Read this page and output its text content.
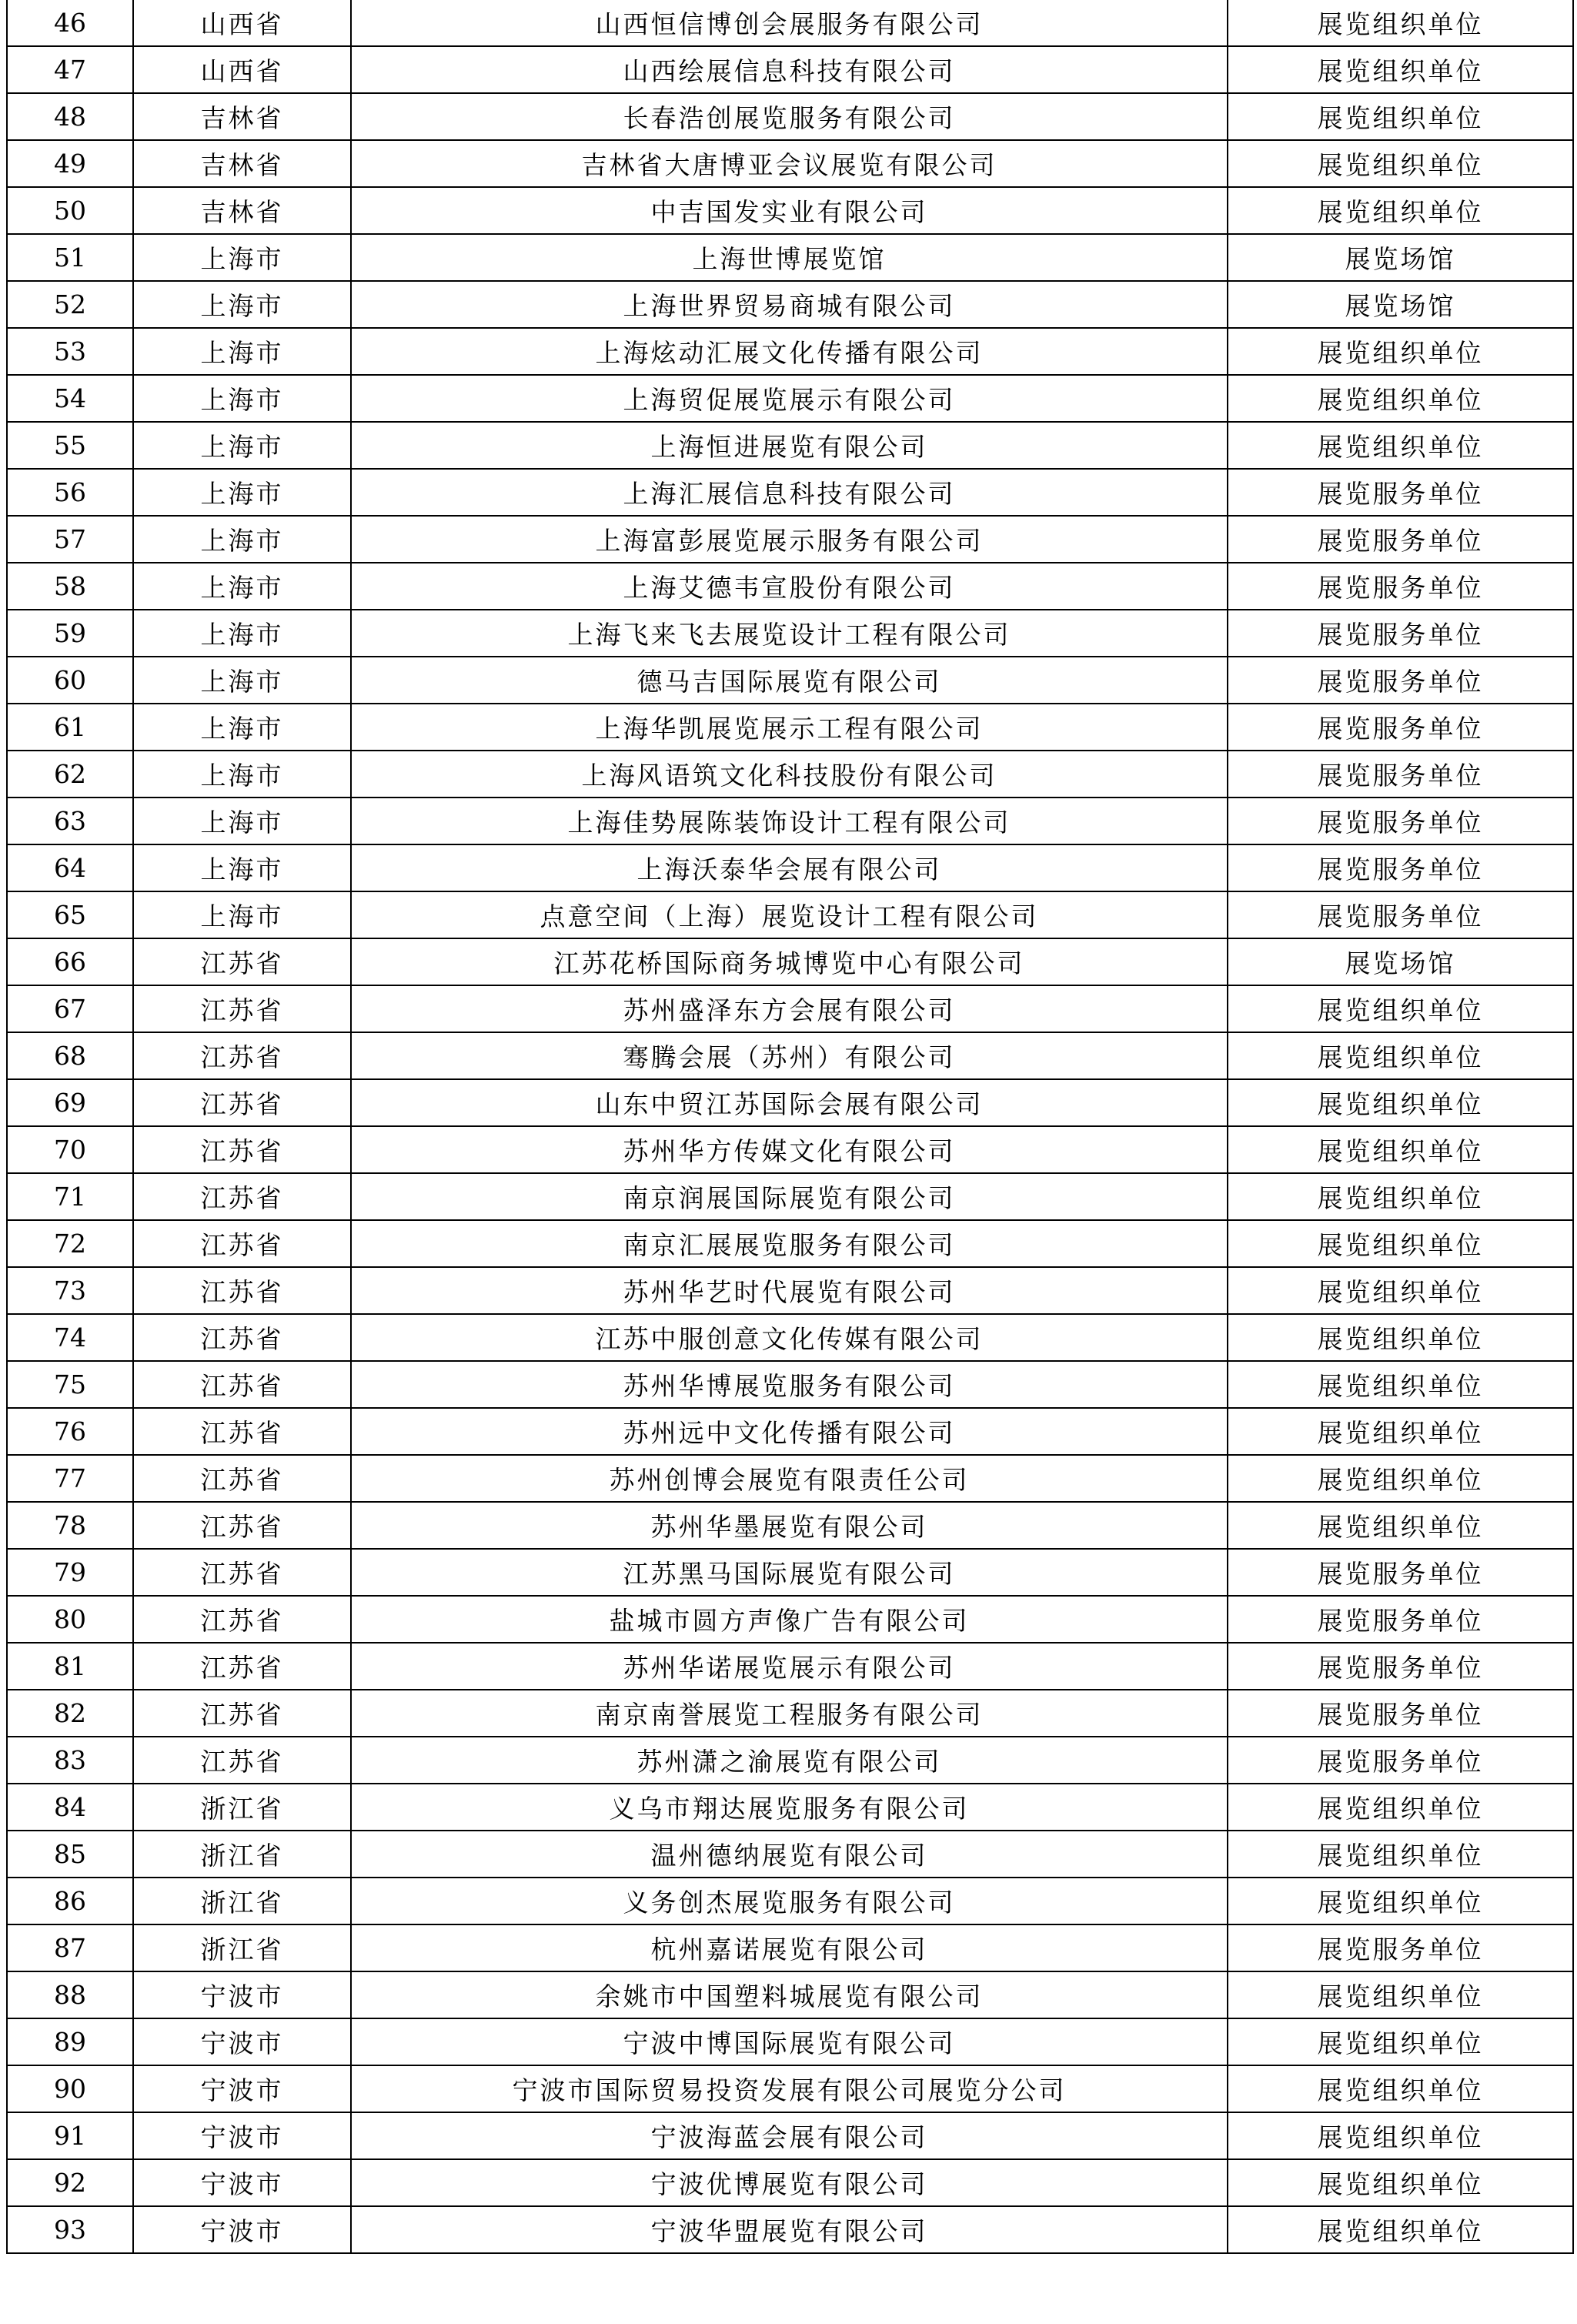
46	山西省	山西恒信博创会展服务有限公司	展览组织单位
47	山西省	山西绘展信息科技有限公司	展览组织单位
48	吉林省	长春浩创展览服务有限公司	展览组织单位
49	吉林省	吉林省大唐博亚会议展览有限公司	展览组织单位
50	吉林省	中吉国发实业有限公司	展览组织单位
51	上海市	上海世博展览馆	展览场馆
52	上海市	上海世界贸易商城有限公司	展览场馆
53	上海市	上海炫动汇展文化传播有限公司	展览组织单位
54	上海市	上海贸促展览展示有限公司	展览组织单位
55	上海市	上海恒进展览有限公司	展览组织单位
56	上海市	上海汇展信息科技有限公司	展览服务单位
57	上海市	上海富彭展览展示服务有限公司	展览服务单位
58	上海市	上海艾德韦宣股份有限公司	展览服务单位
59	上海市	上海飞来飞去展览设计工程有限公司	展览服务单位
60	上海市	德马吉国际展览有限公司	展览服务单位
61	上海市	上海华凯展览展示工程有限公司	展览服务单位
62	上海市	上海风语筑文化科技股份有限公司	展览服务单位
63	上海市	上海佳势展陈装饰设计工程有限公司	展览服务单位
64	上海市	上海沃泰华会展有限公司	展览服务单位
65	上海市	点意空间（上海）展览设计工程有限公司	展览服务单位
66	江苏省	江苏花桥国际商务城博览中心有限公司	展览场馆
67	江苏省	苏州盛泽东方会展有限公司	展览组织单位
68	江苏省	骞腾会展（苏州）有限公司	展览组织单位
69	江苏省	山东中贸江苏国际会展有限公司	展览组织单位
70	江苏省	苏州华方传媒文化有限公司	展览组织单位
71	江苏省	南京润展国际展览有限公司	展览组织单位
72	江苏省	南京汇展展览服务有限公司	展览组织单位
73	江苏省	苏州华艺时代展览有限公司	展览组织单位
74	江苏省	江苏中服创意文化传媒有限公司	展览组织单位
75	江苏省	苏州华博展览服务有限公司	展览组织单位
76	江苏省	苏州远中文化传播有限公司	展览组织单位
77	江苏省	苏州创博会展览有限责任公司	展览组织单位
78	江苏省	苏州华墨展览有限公司	展览组织单位
79	江苏省	江苏黑马国际展览有限公司	展览服务单位
80	江苏省	盐城市圆方声像广告有限公司	展览服务单位
81	江苏省	苏州华诺展览展示有限公司	展览服务单位
82	江苏省	南京南誉展览工程服务有限公司	展览服务单位
83	江苏省	苏州潇之渝展览有限公司	展览服务单位
84	浙江省	义乌市翔达展览服务有限公司	展览组织单位
85	浙江省	温州德纳展览有限公司	展览组织单位
86	浙江省	义务创杰展览服务有限公司	展览组织单位
87	浙江省	杭州嘉诺展览有限公司	展览服务单位
88	宁波市	余姚市中国塑料城展览有限公司	展览组织单位
89	宁波市	宁波中博国际展览有限公司	展览组织单位
90	宁波市	宁波市国际贸易投资发展有限公司展览分公司	展览组织单位
91	宁波市	宁波海蓝会展有限公司	展览组织单位
92	宁波市	宁波优博展览有限公司	展览组织单位
93	宁波市	宁波华盟展览有限公司	展览组织单位
